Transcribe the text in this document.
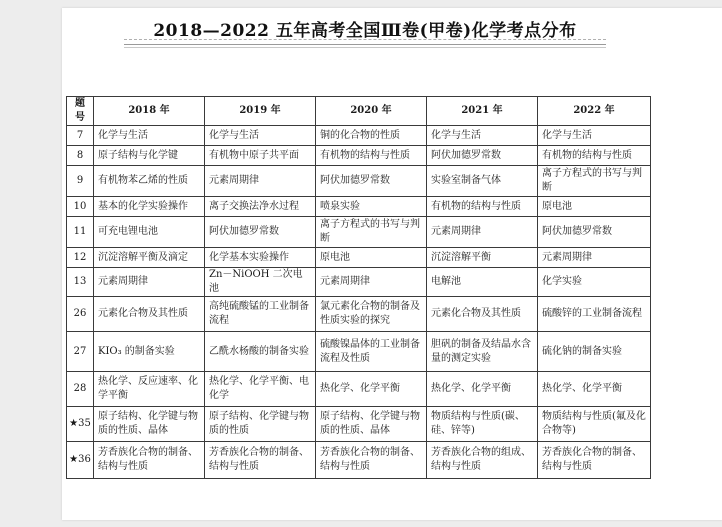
2018—2022 五年高考全国Ⅲ卷(甲卷)化学考点分布
题号	2018 年	2019 年	2020 年	2021 年	2022 年
7	化学与生活	化学与生活	铜的化合物的性质	化学与生活	化学与生活
8	原子结构与化学键	有机物中原子共平面	有机物的结构与性质	阿伏加德罗常数	有机物的结构与性质
9	有机物苯乙烯的性质	元素周期律	阿伏加德罗常数	实验室制备气体	离子方程式的书写与判断
10	基本的化学实验操作	离子交换法净水过程	喷泉实验	有机物的结构与性质	原电池
11	可充电锂电池	阿伏加德罗常数	离子方程式的书写与判断	元素周期律	阿伏加德罗常数
12	沉淀溶解平衡及滴定	化学基本实验操作	原电池	沉淀溶解平衡	元素周期律
13	元素周期律	Zn－NiOOH 二次电池	元素周期律	电解池	化学实验
26	元素化合物及其性质	高纯硫酸锰的工业制备流程	氯元素化合物的制备及性质实验的探究	元素化合物及其性质	硫酸锌的工业制备流程
27	KIO₃ 的制备实验	乙酰水杨酸的制备实验	硫酸镍晶体的工业制备流程及性质	胆矾的制备及结晶水含量的测定实验	硫化钠的制备实验
28	热化学、反应速率、化学平衡	热化学、化学平衡、电化学	热化学、化学平衡	热化学、化学平衡	热化学、化学平衡
★35	原子结构、化学键与物质的性质、晶体	原子结构、化学键与物质的性质	原子结构、化学键与物质的性质、晶体	物质结构与性质(碳、硅、锌等)	物质结构与性质(氟及化合物等)
★36	芳香族化合物的制备、结构与性质	芳香族化合物的制备、结构与性质	芳香族化合物的制备、结构与性质	芳香族化合物的组成、结构与性质	芳香族化合物的制备、结构与性质
